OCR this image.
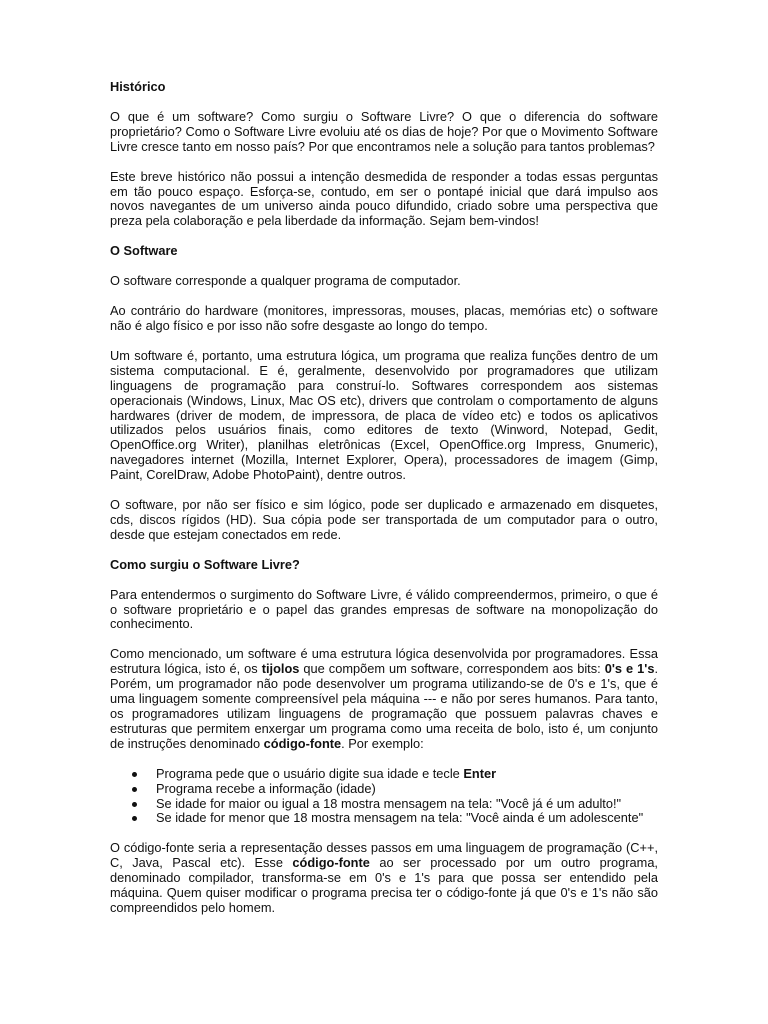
Histórico

O que é um software? Como surgiu o Software Livre? O que o diferencia do software proprietário? Como o Software Livre evoluiu até os dias de hoje? Por que o Movimento Software Livre cresce tanto em nosso país? Por que encontramos nele a solução para tantos problemas?

Este breve histórico não possui a intenção desmedida de responder a todas essas perguntas em tão pouco espaço. Esforça-se, contudo, em ser o pontapé inicial que dará impulso aos novos navegantes de um universo ainda pouco difundido, criado sobre uma perspectiva que preza pela colaboração e pela liberdade da informação. Sejam bem-vindos!

O Software

O software corresponde a qualquer programa de computador.

Ao contrário do hardware (monitores, impressoras, mouses, placas, memórias etc) o software não é algo físico e por isso não sofre desgaste ao longo do tempo.

Um software é, portanto, uma estrutura lógica, um programa que realiza funções dentro de um sistema computacional. E é, geralmente, desenvolvido por programadores que utilizam linguagens de programação para construí-lo. Softwares correspondem aos sistemas operacionais (Windows, Linux, Mac OS etc), drivers que controlam o comportamento de alguns hardwares (driver de modem, de impressora, de placa de vídeo etc) e todos os aplicativos utilizados pelos usuários finais, como editores de texto (Winword, Notepad, Gedit, OpenOffice.org Writer), planilhas eletrônicas (Excel, OpenOffice.org Impress, Gnumeric), navegadores internet (Mozilla, Internet Explorer, Opera), processadores de imagem (Gimp, Paint, CorelDraw, Adobe PhotoPaint), dentre outros.

O software, por não ser físico e sim lógico, pode ser duplicado e armazenado em disquetes, cds, discos rígidos (HD). Sua cópia pode ser transportada de um computador para o outro, desde que estejam conectados em rede.

Como surgiu o Software Livre?

Para entendermos o surgimento do Software Livre, é válido compreendermos, primeiro, o que é o software proprietário e o papel das grandes empresas de software na monopolização do conhecimento.

Como mencionado, um software é uma estrutura lógica desenvolvida por programadores. Essa estrutura lógica, isto é, os tijolos que compõem um software, correspondem aos bits: 0's e 1's. Porém, um programador não pode desenvolver um programa utilizando-se de 0's e 1's, que é uma linguagem somente compreensível pela máquina --- e não por seres humanos. Para tanto, os programadores utilizam linguagens de programação que possuem palavras chaves e estruturas que permitem enxergar um programa como uma receita de bolo, isto é, um conjunto de instruções denominado código-fonte. Por exemplo:

Programa pede que o usuário digite sua idade e tecle Enter
Programa recebe a informação (idade)
Se idade for maior ou igual a 18 mostra mensagem na tela: "Você já é um adulto!"
Se idade for menor que 18 mostra mensagem na tela: "Você ainda é um adolescente"

O código-fonte seria a representação desses passos em uma linguagem de programação (C++, C, Java, Pascal etc). Esse código-fonte ao ser processado por um outro programa, denominado compilador, transforma-se em 0's e 1's para que possa ser entendido pela máquina. Quem quiser modificar o programa precisa ter o código-fonte já que 0's e 1's não são compreendidos pelo homem.
